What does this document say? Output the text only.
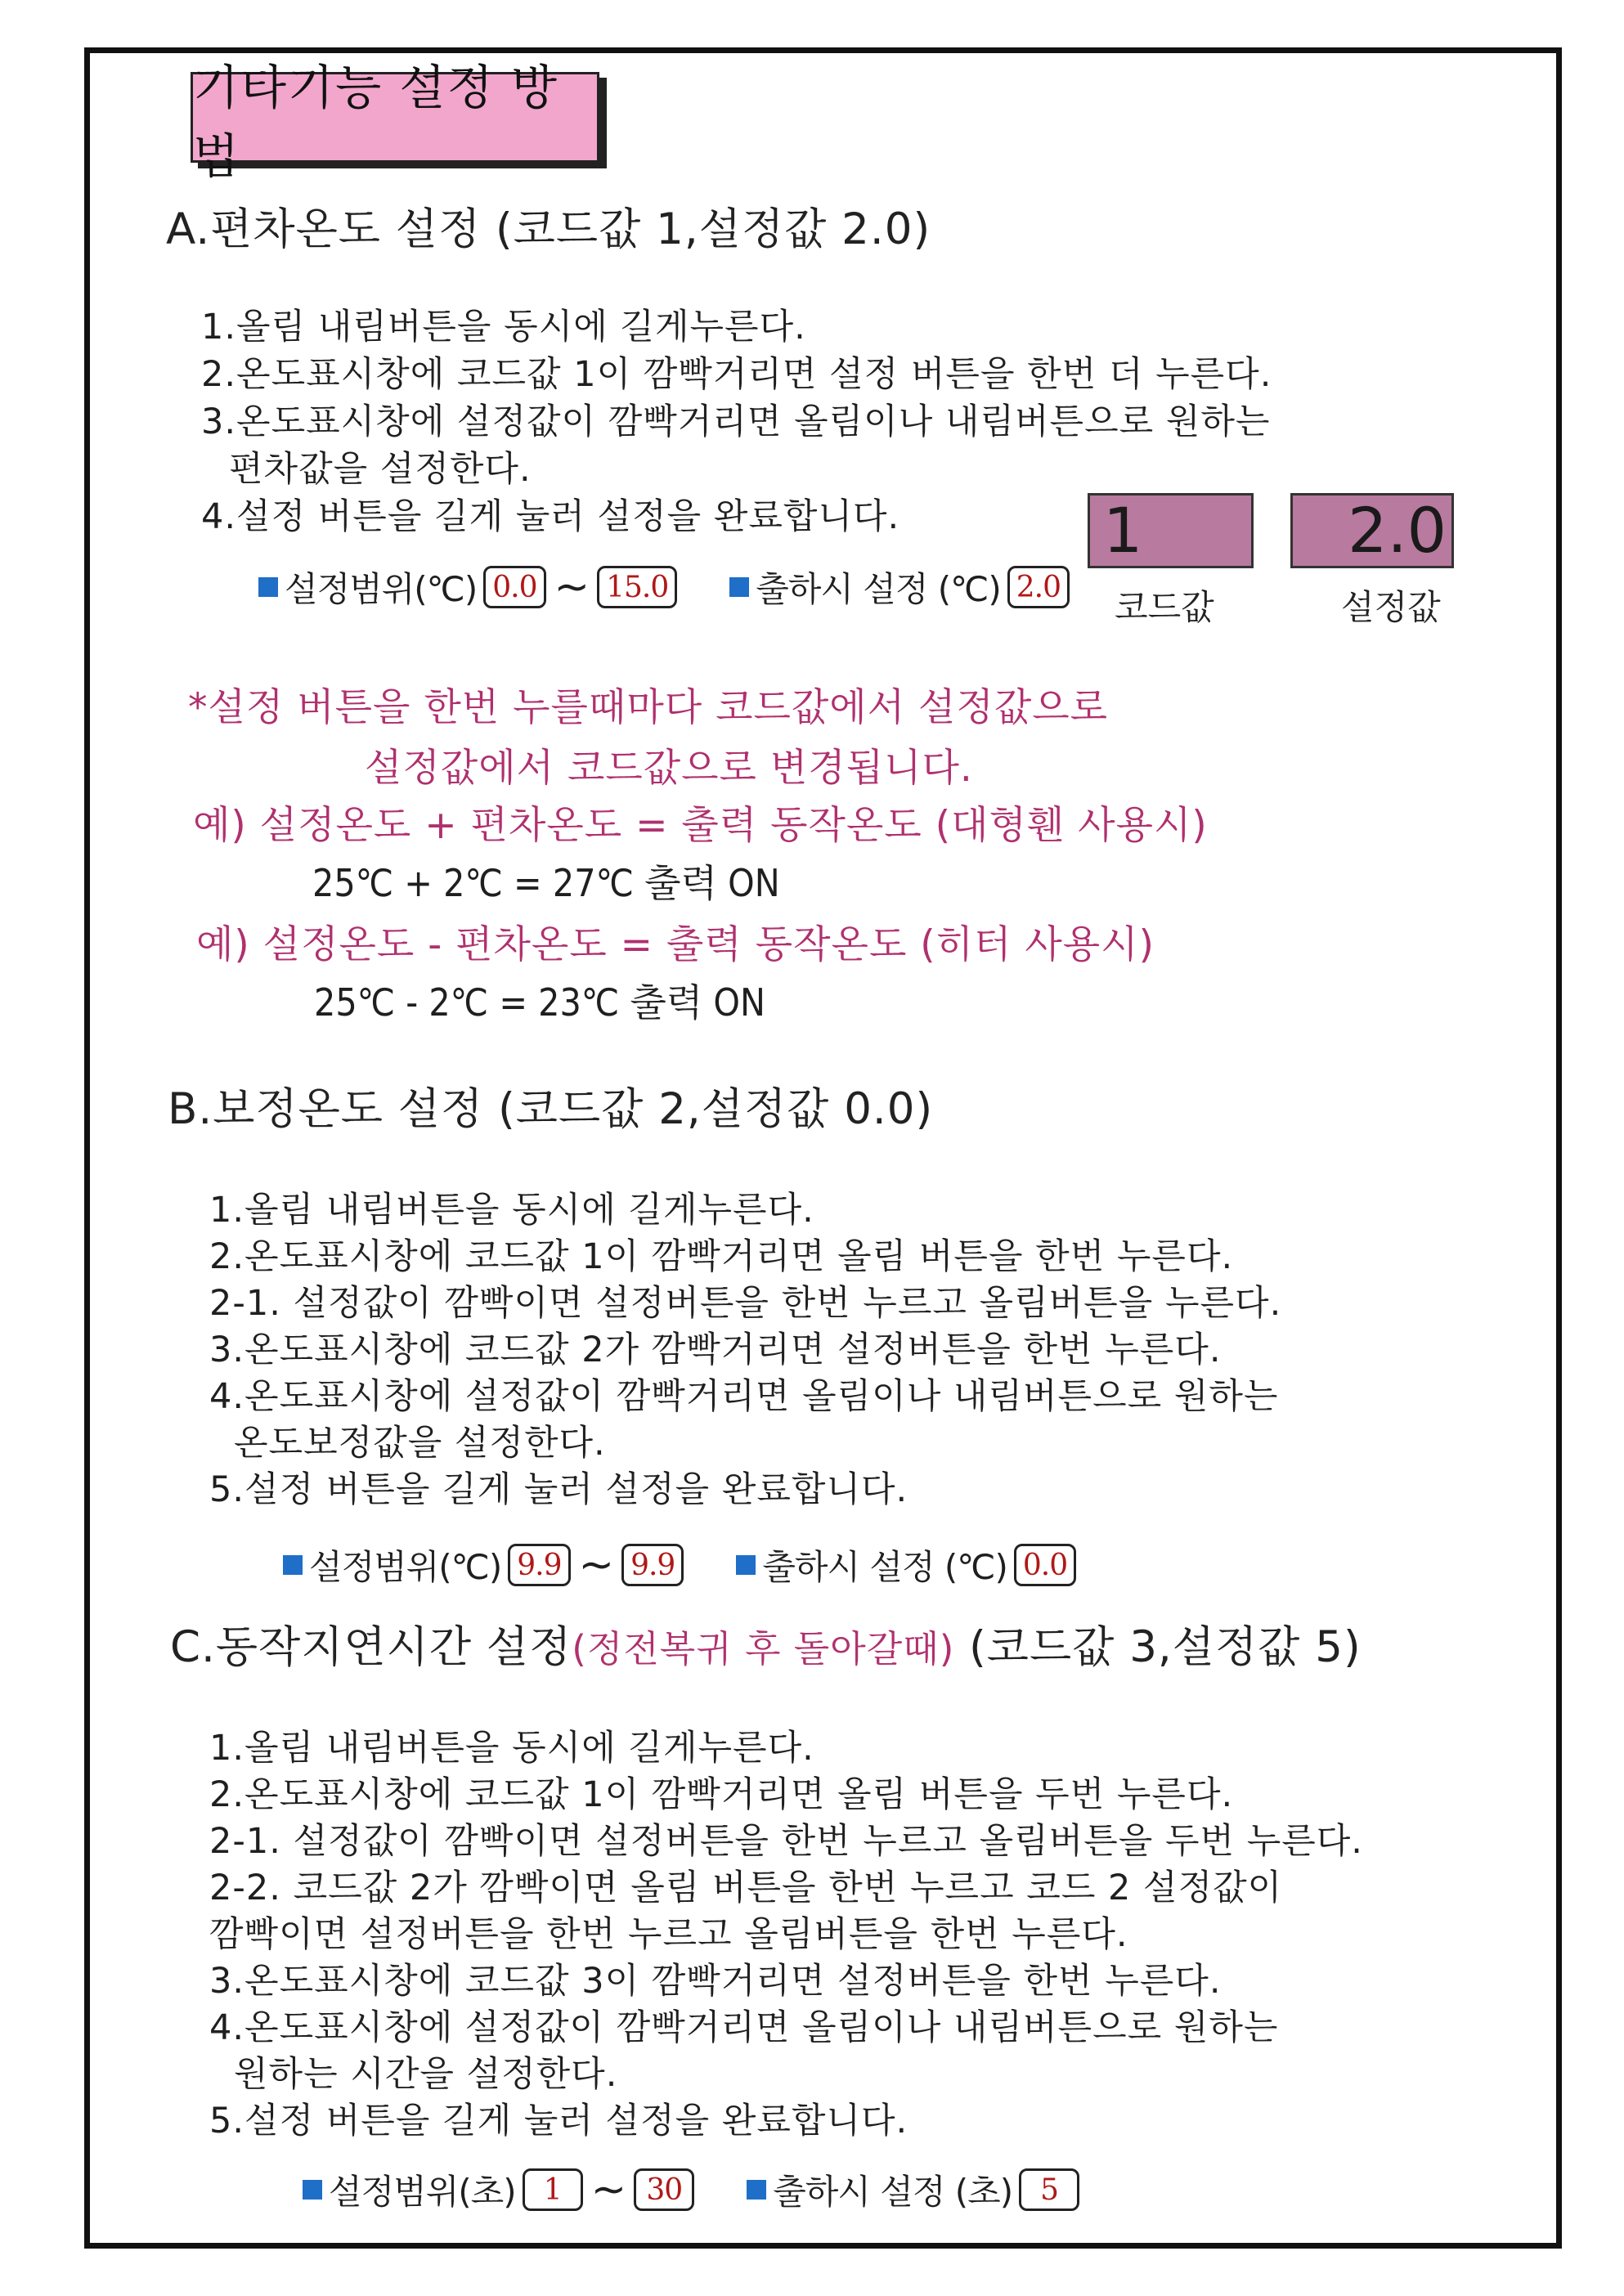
기타기능 설정 방법
A.편차온도 설정 (코드값 1,설정값 2.0)
1.올림 내림버튼을 동시에 길게누른다.
2.온도표시창에 코드값 1이 깜빡거리면 설정 버튼을 한번 더 누른다.
3.온도표시창에 설정값이 깜빡거리면 올림이나 내림버튼으로 원하는
편차값을 설정한다.
4.설정 버튼을 길게 눌러 설정을 완료합니다.
설정범위(℃) 0.0 ~ 15.0	출하시 설정 (℃) 2.0
1	2.0
코드값	설정값
*설정 버튼을 한번 누를때마다 코드값에서 설정값으로
설정값에서 코드값으로 변경됩니다.
예) 설정온도 + 편차온도 = 출력 동작온도 (대형휀 사용시)
25℃ + 2℃ = 27℃ 출력 ON
예) 설정온도 - 편차온도 = 출력 동작온도 (히터 사용시)
25℃ - 2℃ = 23℃ 출력 ON
B.보정온도 설정 (코드값 2,설정값 0.0)
1.올림 내림버튼을 동시에 길게누른다.
2.온도표시창에 코드값 1이 깜빡거리면 올림 버튼을 한번 누른다.
2-1. 설정값이 깜빡이면 설정버튼을 한번 누르고 올림버튼을 누른다.
3.온도표시창에 코드값 2가 깜빡거리면 설정버튼을 한번 누른다.
4.온도표시창에 설정값이 깜빡거리면 올림이나 내림버튼으로 원하는
온도보정값을 설정한다.
5.설정 버튼을 길게 눌러 설정을 완료합니다.
설정범위(℃) 9.9 ~ 9.9	출하시 설정 (℃) 0.0
C.동작지연시간 설정(정전복귀 후 돌아갈때) (코드값 3,설정값 5)
1.올림 내림버튼을 동시에 길게누른다.
2.온도표시창에 코드값 1이 깜빡거리면 올림 버튼을 두번 누른다.
2-1. 설정값이 깜빡이면 설정버튼을 한번 누르고 올림버튼을 두번 누른다.
2-2. 코드값 2가 깜빡이면 올림 버튼을 한번 누르고 코드 2 설정값이
깜빡이면 설정버튼을 한번 누르고 올림버튼을 한번 누른다.
3.온도표시창에 코드값 3이 깜빡거리면 설정버튼을 한번 누른다.
4.온도표시창에 설정값이 깜빡거리면 올림이나 내림버튼으로 원하는
원하는 시간을 설정한다.
5.설정 버튼을 길게 눌러 설정을 완료합니다.
설정범위(초) 1 ~ 30	출하시 설정 (초) 5
